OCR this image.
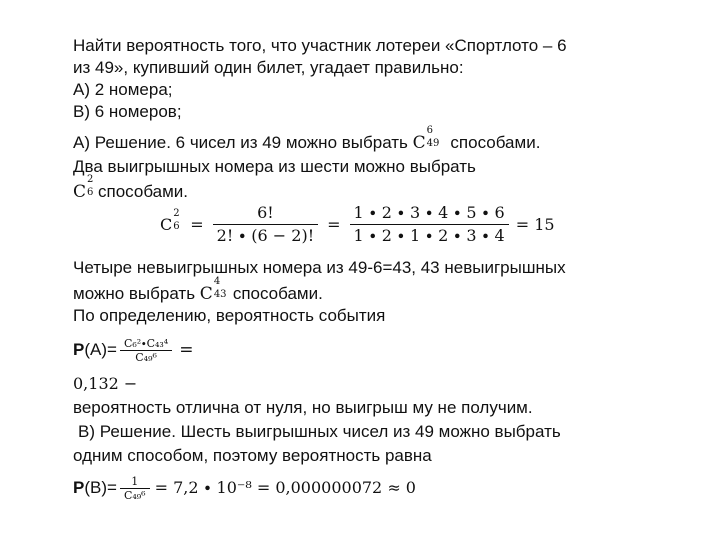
Найти вероятность того, что участник лотереи «Спортлото – 6
из 49», купивший один билет, угадает правильно:
А) 2 номера;
В) 6 номеров;
А) Решение. 6 чисел из 49 можно выбрать C
6
49 способами.
Два выигрышных номера из шести можно выбрать
C
2
6 способами.
C
2
$6 = \frac{6!}{2! \cdot (6 - 2)!} = \frac{1 \cdot 2 \cdot 3 \cdot 4 \cdot 5 \cdot 6}{1 \cdot 2 \cdot 1 \cdot 2 \cdot 3 \cdot 4} = 15$
Четыре невыигрышных номера из 49-6=43, 43 невыигрышных
можно выбрать C
4
43 способами.
По определению, вероятность события
P $(A)= \frac{\text{C₆²∙C₄₃⁴}}{\text{C₄₉⁶}}$ =
0,132 −
вероятность отлична от нуля, но выигрыш му не получим.
В) Решение. Шесть выигрышных чисел из 49 можно выбрать
одним способом, поэтому вероятность равна
P $(B)= \frac{1}{\text{C₄₉⁶}} = 7,2 \cdot 10^{-8} = 0,000000072 \approx 0$
